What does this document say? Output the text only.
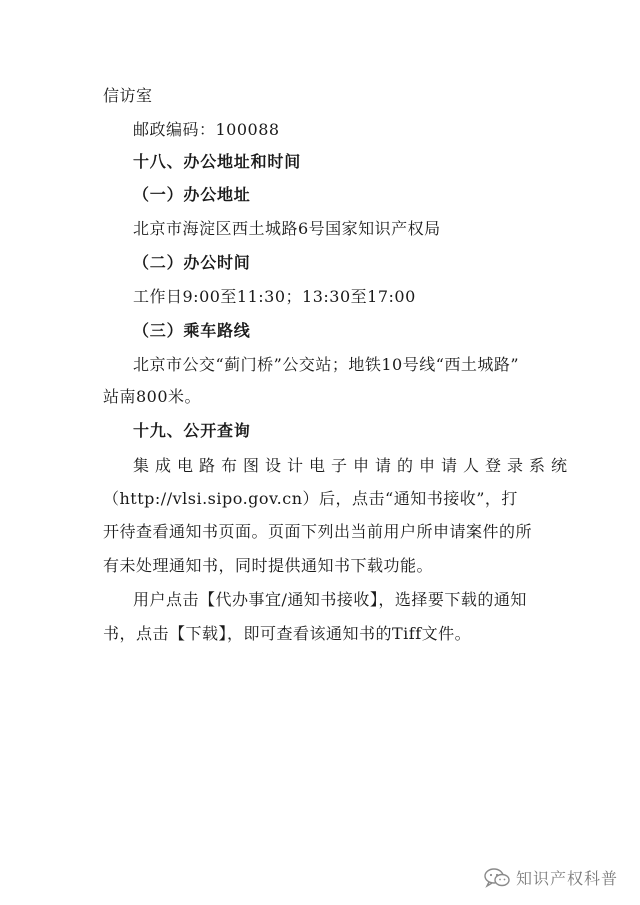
信访室
邮政编码：100088
十八、办公地址和时间
（一）办公地址
北京市海淀区西土城路6号国家知识产权局
（二）办公时间
工作日9:00至11:30；13:30至17:00
（三）乘车路线
北京市公交“蓟门桥”公交站；地铁10号线“西土城路”
站南800米。
十九、公开查询
集成电路布图设计电子申请的申请人登录系统
（http://vlsi.sipo.gov.cn）后，点击“通知书接收”，打
开待查看通知书页面。页面下列出当前用户所申请案件的所
有未处理通知书，同时提供通知书下载功能。
用户点击【代办事宜/通知书接收】，选择要下载的通知
书，点击【下载】，即可查看该通知书的Tiff文件。
知识产权科普
